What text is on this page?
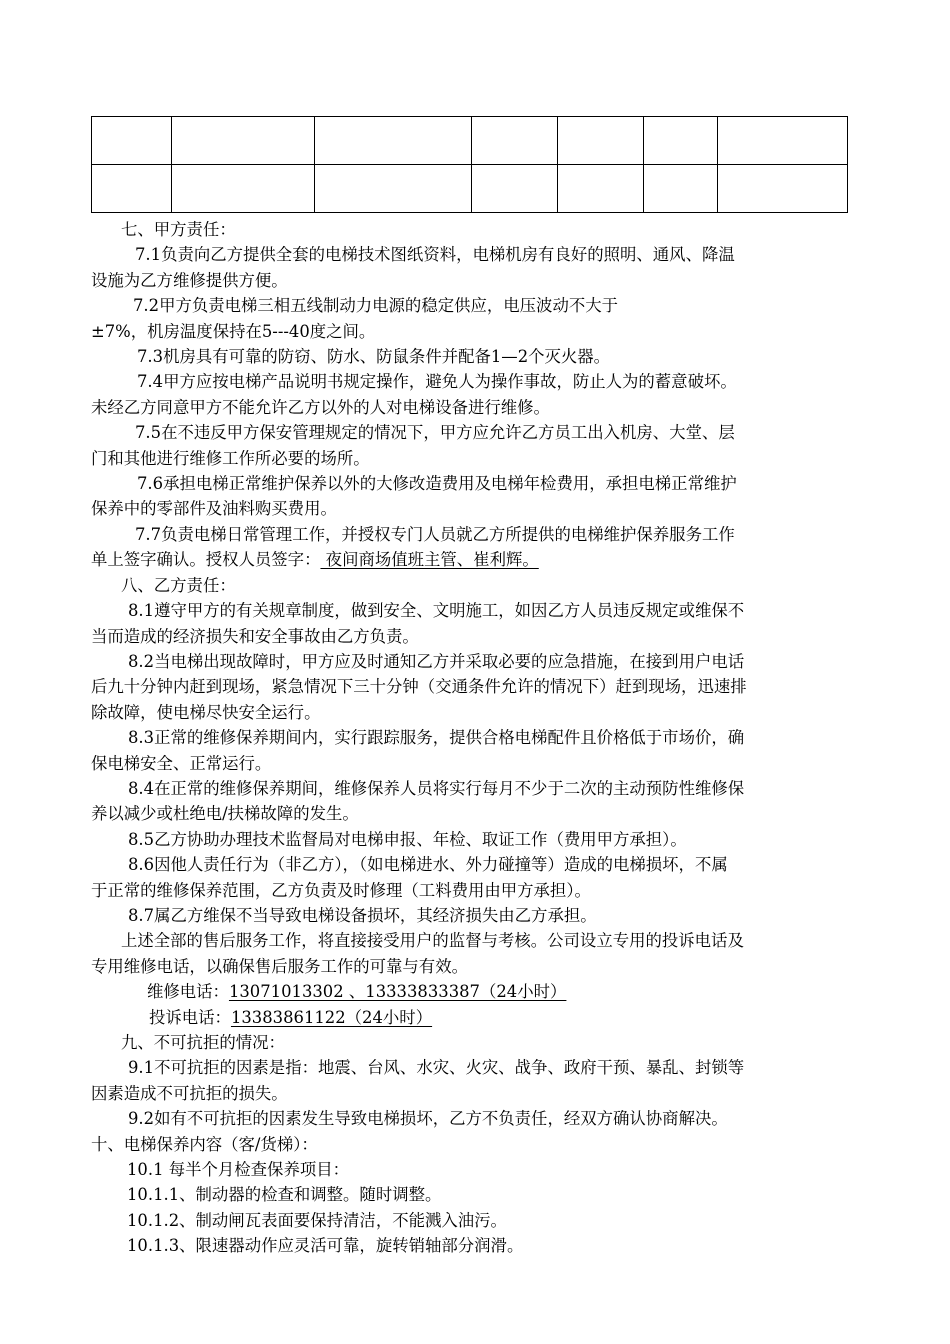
七、甲方责任：

7.1负责向乙方提供全套的电梯技术图纸资料，电梯机房有良好的照明、通风、降温

设施为乙方维修提供方便。

7.2甲方负责电梯三相五线制动力电源的稳定供应，电压波动不大于

±7%，机房温度保持在5---40度之间。

7.3机房具有可靠的防窃、防水、防鼠条件并配备1—2个灭火器。

7.4甲方应按电梯产品说明书规定操作，避免人为操作事故，防止人为的蓄意破坏。

未经乙方同意甲方不能允许乙方以外的人对电梯设备进行维修。

7.5在不违反甲方保安管理规定的情况下，甲方应允许乙方员工出入机房、大堂、层

门和其他进行维修工作所必要的场所。

7.6承担电梯正常维护保养以外的大修改造费用及电梯年检费用，承担电梯正常维护

保养中的零部件及油料购买费用。

7.7负责电梯日常管理工作，并授权专门人员就乙方所提供的电梯维护保养服务工作

单上签字确认。授权人员签字： 夜间商场值班主管、崔利辉。

八、乙方责任：

8.1遵守甲方的有关规章制度，做到安全、文明施工，如因乙方人员违反规定或维保不

当而造成的经济损失和安全事故由乙方负责。

8.2当电梯出现故障时，甲方应及时通知乙方并采取必要的应急措施，在接到用户电话

后九十分钟内赶到现场，紧急情况下三十分钟（交通条件允许的情况下）赶到现场，迅速排

除故障，使电梯尽快安全运行。

8.3正常的维修保养期间内，实行跟踪服务，提供合格电梯配件且价格低于市场价，确

保电梯安全、正常运行。

8.4在正常的维修保养期间，维修保养人员将实行每月不少于二次的主动预防性维修保

养以减少或杜绝电/扶梯故障的发生。

8.5乙方协助办理技术监督局对电梯申报、年检、取证工作（费用甲方承担）。

8.6因他人责任行为（非乙方），（如电梯进水、外力碰撞等）造成的电梯损坏，不属

于正常的维修保养范围，乙方负责及时修理（工料费用由甲方承担）。

8.7属乙方维保不当导致电梯设备损坏，其经济损失由乙方承担。

上述全部的售后服务工作，将直接接受用户的监督与考核。公司设立专用的投诉电话及

专用维修电话，以确保售后服务工作的可靠与有效。

维修电话：13071013302 、13333833387（24小时）

投诉电话：13383861122（24小时）

九、不可抗拒的情况：

9.1不可抗拒的因素是指：地震、台风、水灾、火灾、战争、政府干预、暴乱、封锁等

因素造成不可抗拒的损失。

9.2如有不可抗拒的因素发生导致电梯损坏，乙方不负责任，经双方确认协商解决。

十、电梯保养内容（客/货梯）：

10.1 每半个月检查保养项目：

10.1.1、制动器的检查和调整。随时调整。

10.1.2、制动闸瓦表面要保持清洁，不能溅入油污。

10.1.3、限速器动作应灵活可靠，旋转销轴部分润滑。
